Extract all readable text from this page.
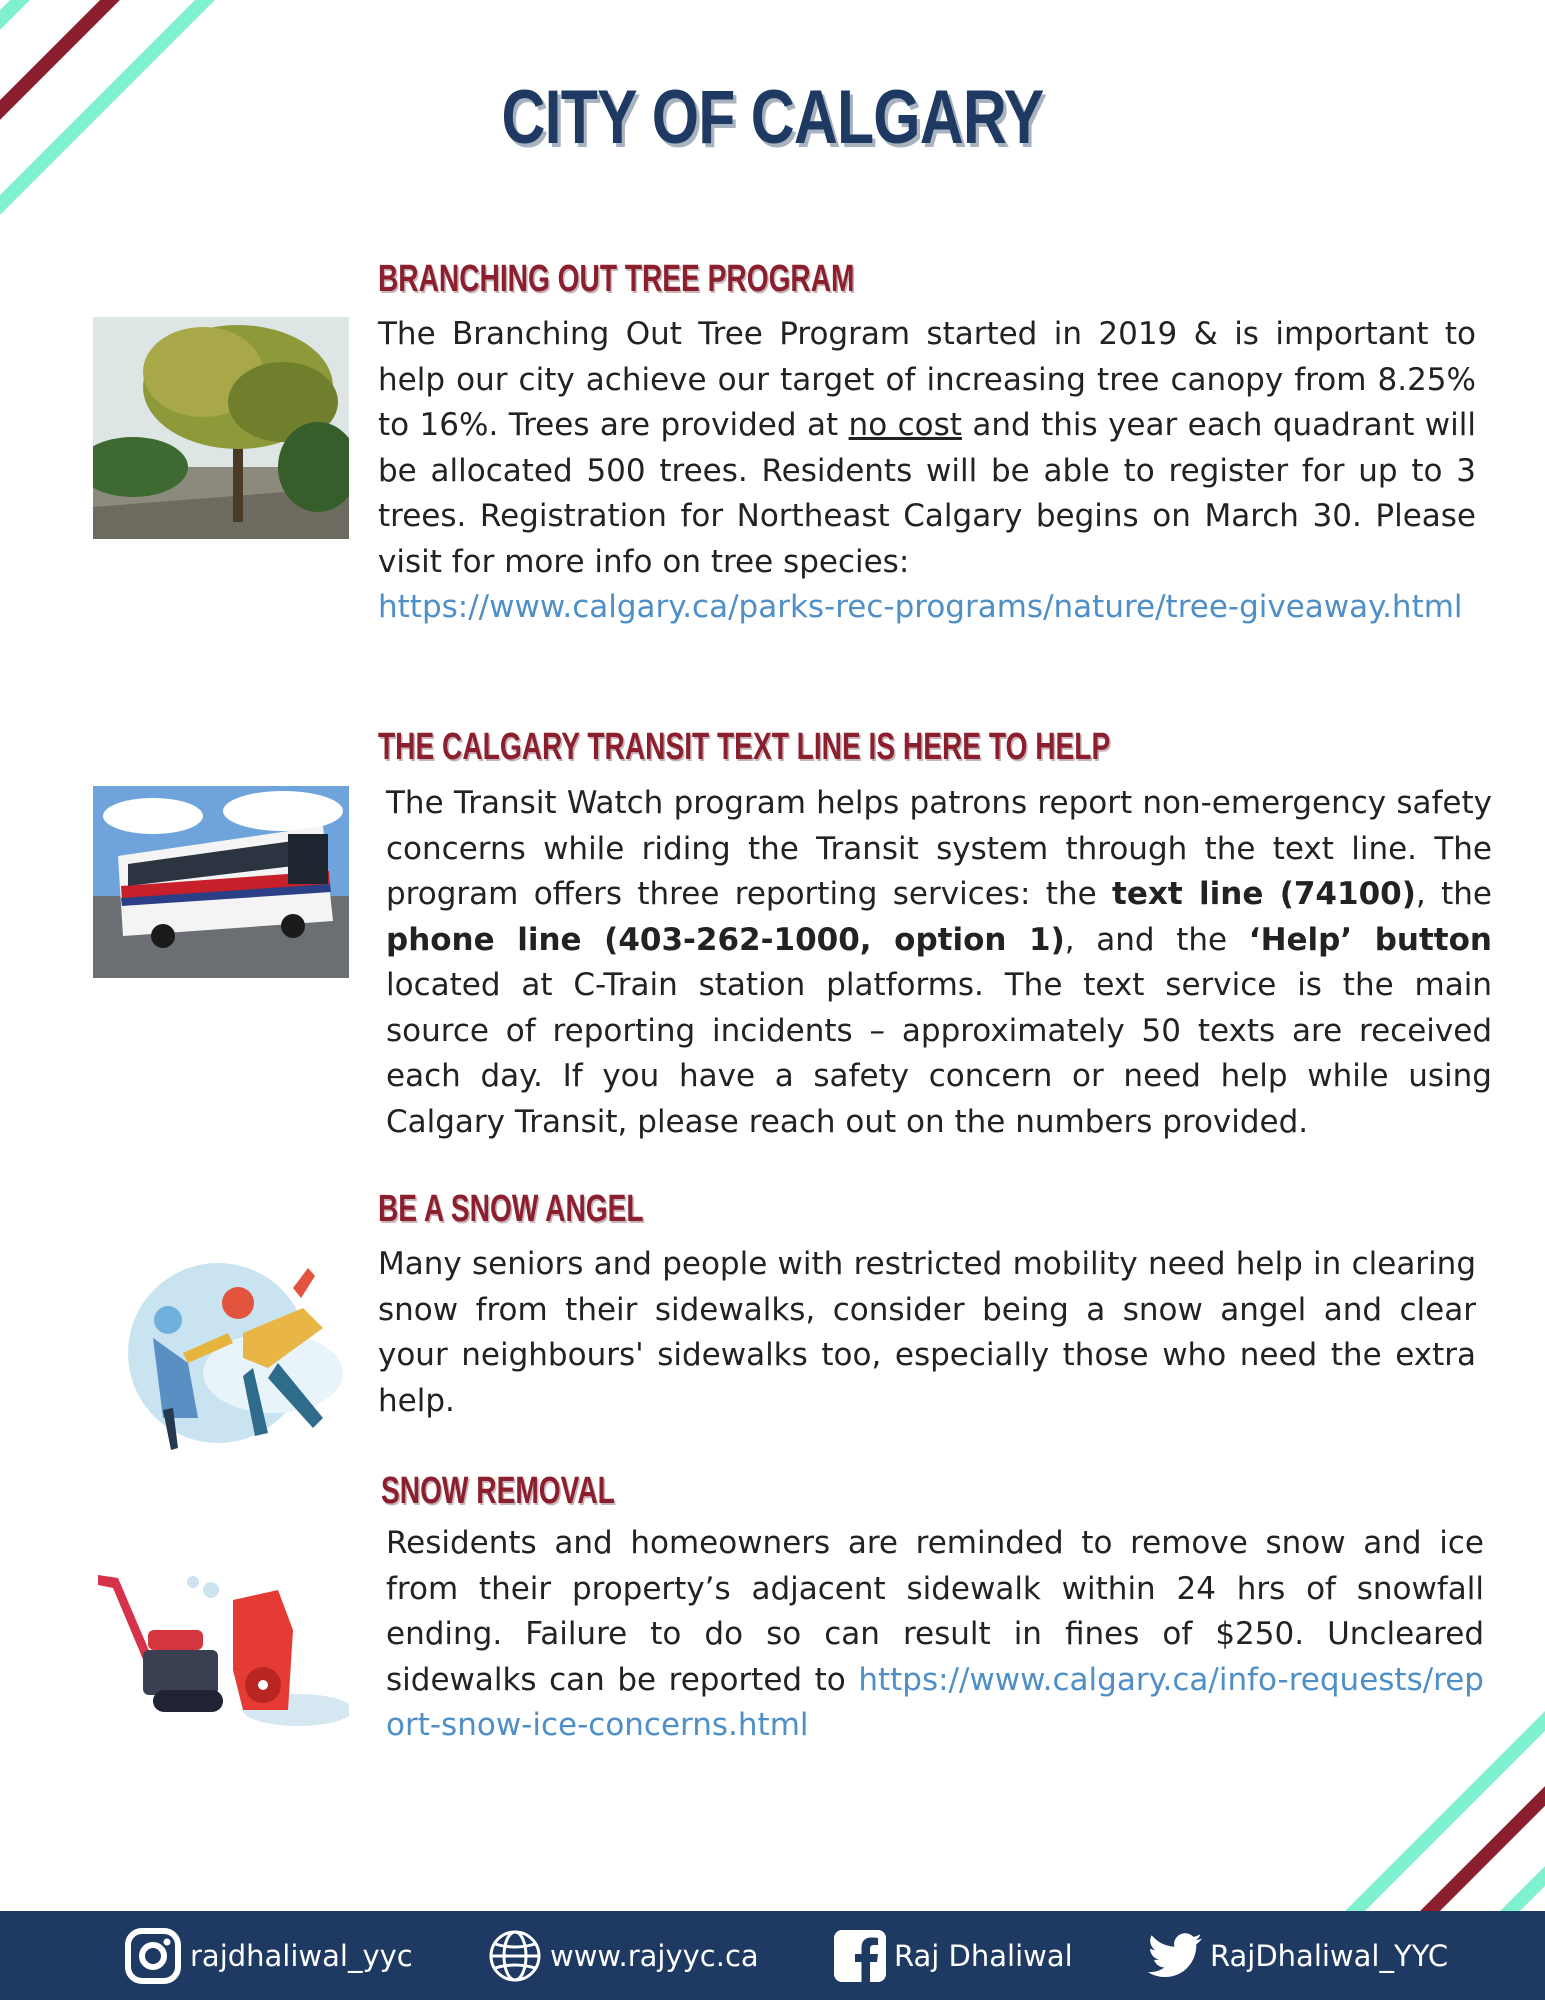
CITY OF CALGARY
BRANCHING OUT TREE PROGRAM

The Branching Out Tree Program started in 2019 & is important to help our city achieve our target of increasing tree canopy from 8.25% to 16%. Trees are provided at no cost and this year each quadrant will be allocated 500 trees. Residents will be able to register for up to 3 trees. Registration for Northeast Calgary begins on March 30. Please visit for more info on tree species:
https://www.calgary.ca/parks-rec-programs/nature/tree-giveaway.html

THE CALGARY TRANSIT TEXT LINE IS HERE TO HELP

The Transit Watch program helps patrons report non-emergency safety concerns while riding the Transit system through the text line. The program offers three reporting services: the text line (74100), the phone line (403-262-1000, option 1), and the ‘Help’ button located at C-Train station platforms. The text service is the main source of reporting incidents – approximately 50 texts are received each day. If you have a safety concern or need help while using Calgary Transit, please reach out on the numbers provided.

BE A SNOW ANGEL

Many seniors and people with restricted mobility need help in clearing snow from their sidewalks, consider being a snow angel and clear your neighbours' sidewalks too, especially those who need the extra help.

SNOW REMOVAL

Residents and homeowners are reminded to remove snow and ice from their property’s adjacent sidewalk within 24 hrs of snowfall ending. Failure to do so can result in fines of $250. Uncleared sidewalks can be reported to https://www.calgary.ca/info-requests/report-snow-ice-concerns.html

rajdhaliwal_yyc	www.rajyyc.ca	Raj Dhaliwal	RajDhaliwal_YYC
